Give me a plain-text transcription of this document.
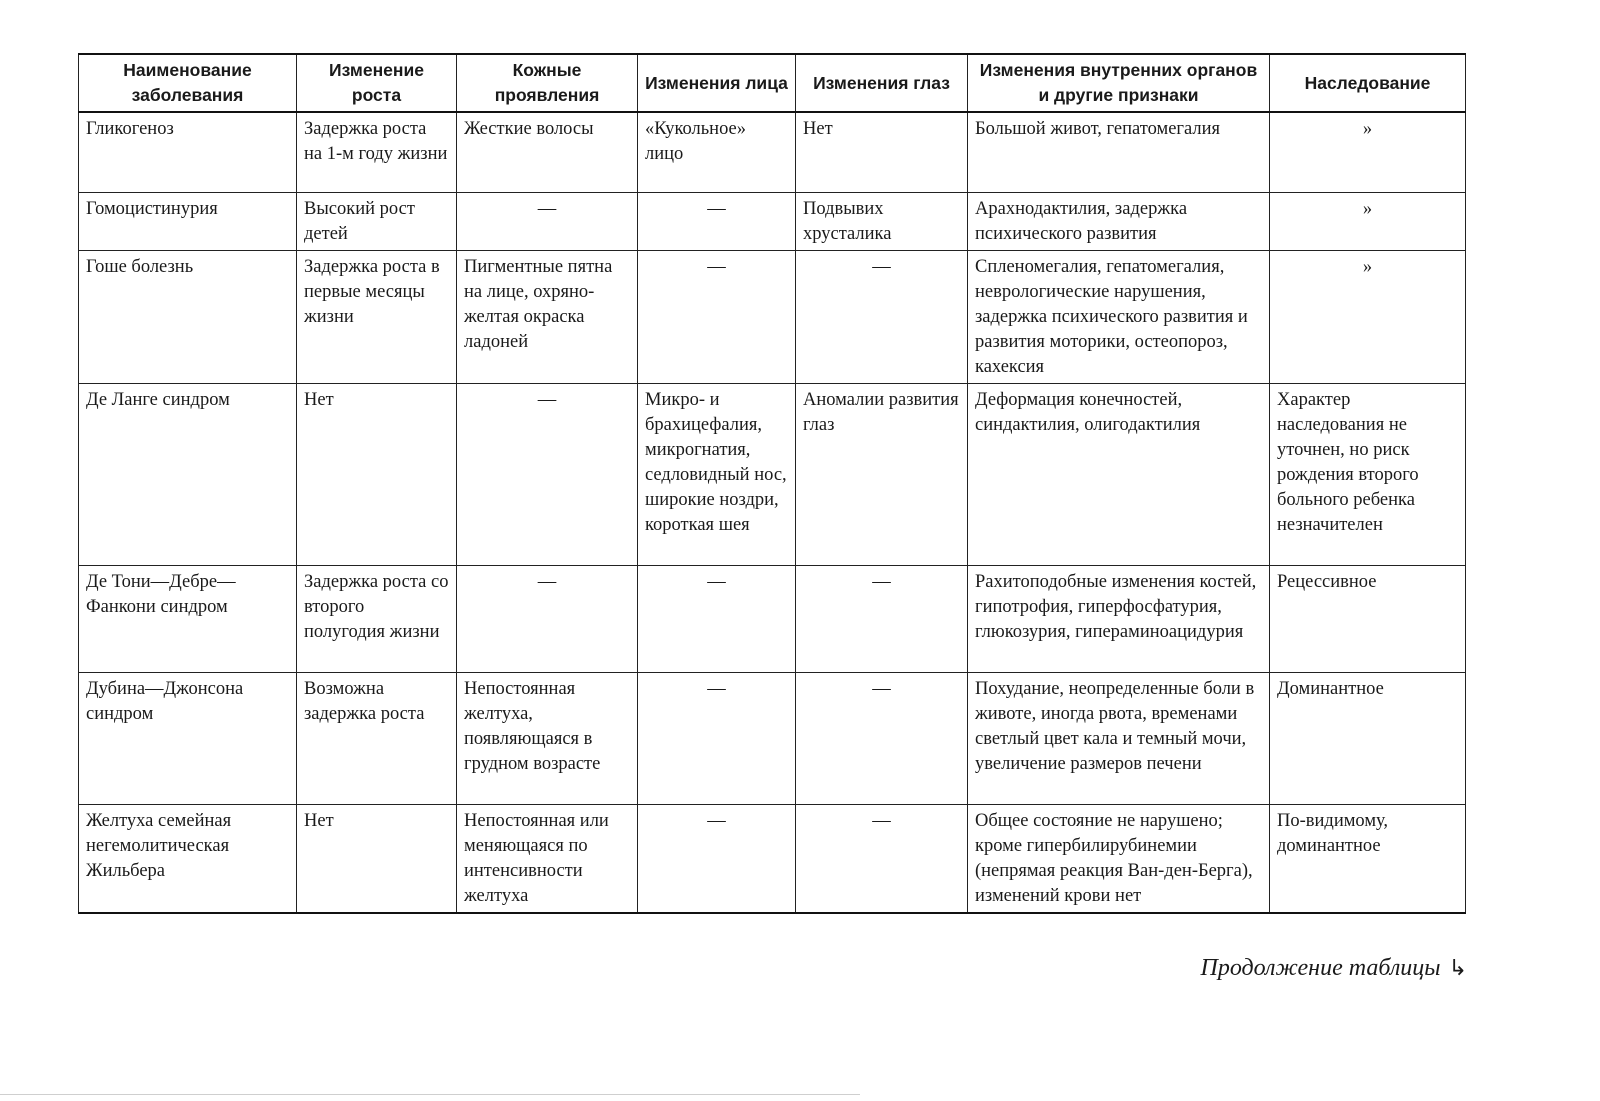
Наименование заболевания	Изменение роста	Кожные проявления	Изменения лица	Изменения глаз	Изменения внутренних органов и другие признаки	Наследование
Гликогеноз	Задержка роста на 1-м году жизни	Жесткие волосы	«Кукольное» лицо	Нет	Большой живот, гепатомегалия	»
Гомоцистинурия	Высокий рост детей	—	—	Подвывих хрусталика	Арахнодактилия, задержка психического развития	»
Гоше болезнь	Задержка роста в первые месяцы жизни	Пигментные пятна на лице, охряно-желтая окраска ладоней	—	—	Спленомегалия, гепатомегалия, неврологические нарушения, задержка психического развития и развития моторики, остеопороз, кахексия	»
Де Ланге синдром	Нет	—	Микро- и брахицефалия, микрогнатия, седловидный нос, широкие ноздри, короткая шея	Аномалии развития глаз	Деформация конечностей, синдактилия, олигодактилия	Характер наследования не уточнен, но риск рождения второго больного ребенка незначителен
Де Тони—Дебре—Фанкони синдром	Задержка роста со второго полугодия жизни	—	—	—	Рахитоподобные изменения костей, гипотрофия, гиперфосфатурия, глюкозурия, гипераминоацидурия	Рецессивное
Дубина—Джонсона синдром	Возможна задержка роста	Непостоянная желтуха, появляющаяся в грудном возрасте	—	—	Похудание, неопределенные боли в животе, иногда рвота, временами светлый цвет кала и темный мочи, увеличение размеров печени	Доминантное
Желтуха семейная негемолитическая Жильбера	Нет	Непостоянная или меняющаяся по интенсивности желтуха	—	—	Общее состояние не нарушено; кроме гипербилирубинемии (непрямая реакция Ван-ден-Берга), изменений крови нет	По-видимому, доминантное
Продолжение таблицы ↳
